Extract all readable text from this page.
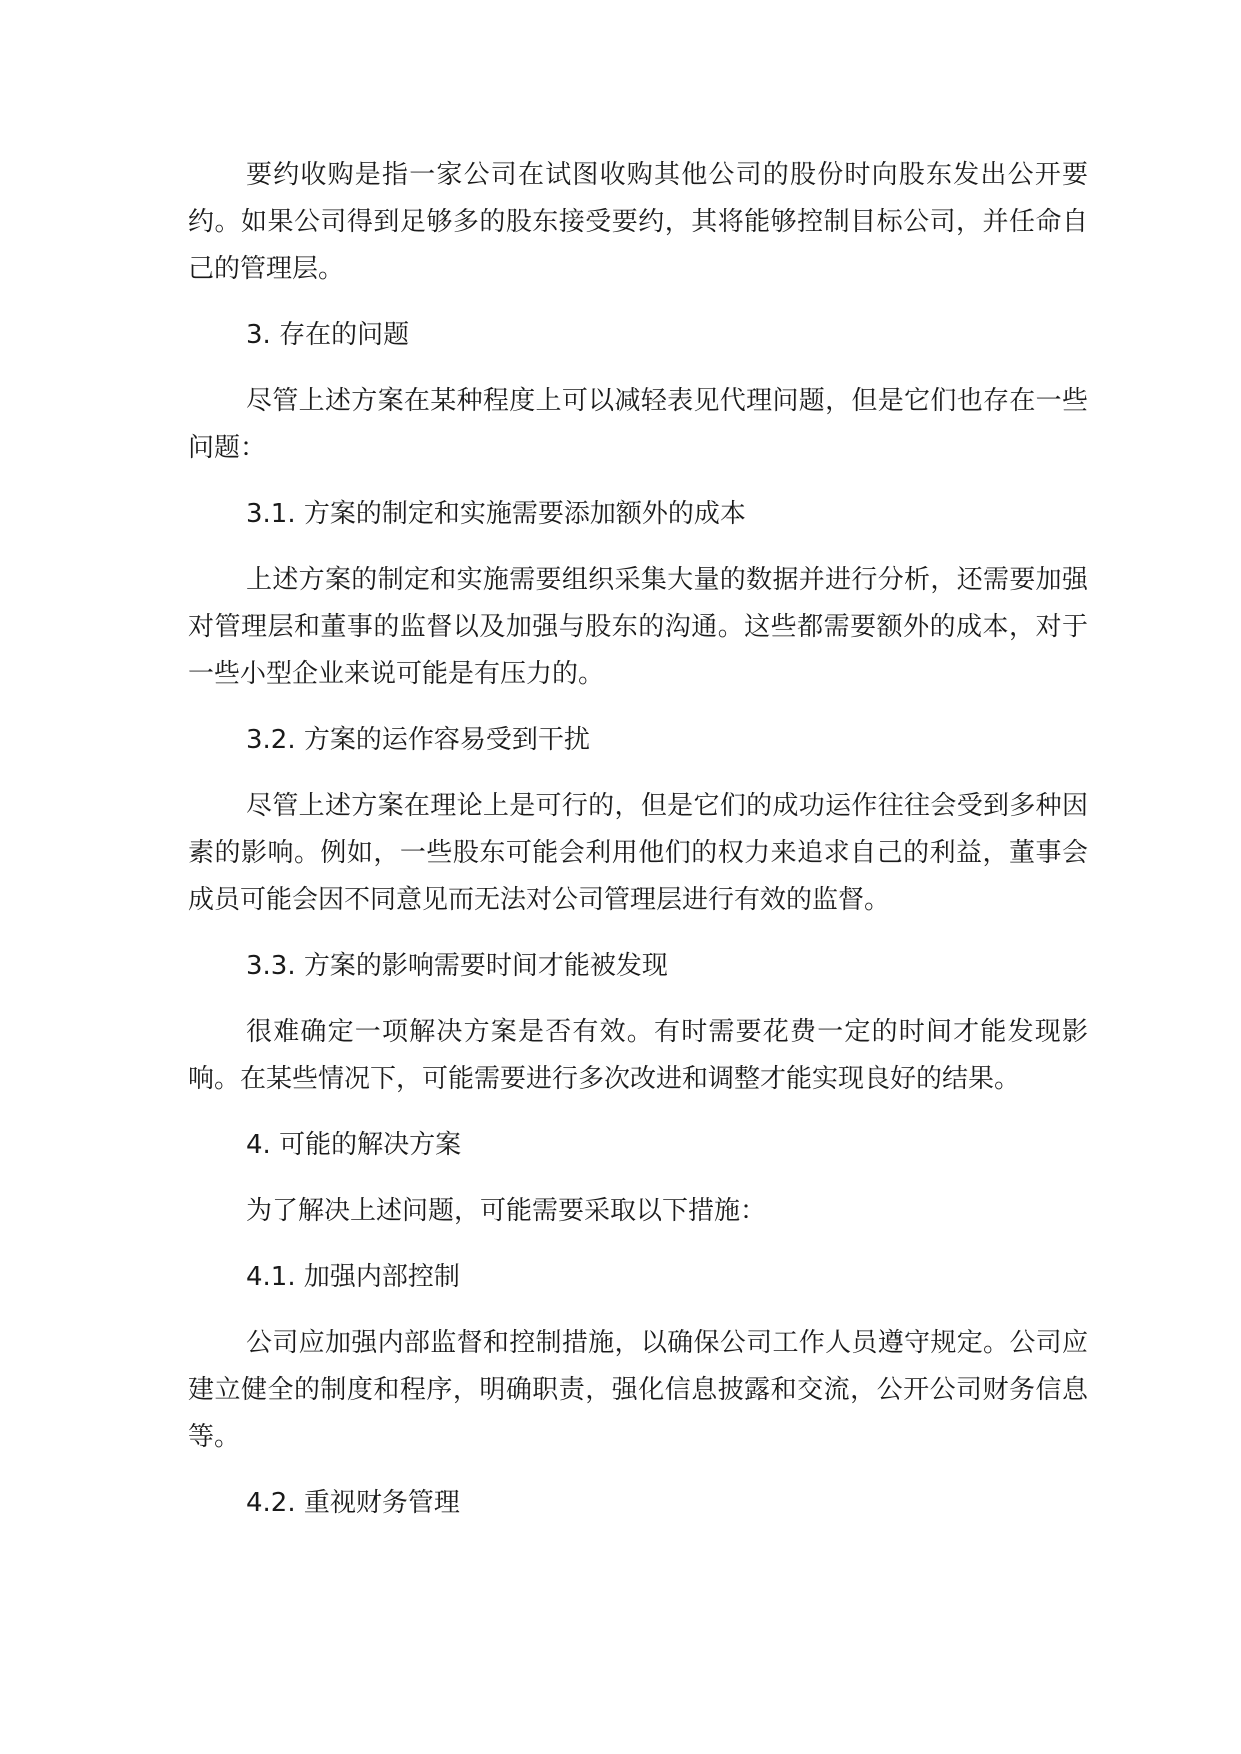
要约收购是指一家公司在试图收购其他公司的股份时向股东发出公开要约。如果公司得到足够多的股东接受要约，其将能够控制目标公司，并任命自己的管理层。

3. 存在的问题

尽管上述方案在某种程度上可以减轻表见代理问题，但是它们也存在一些问题：

3.1. 方案的制定和实施需要添加额外的成本

上述方案的制定和实施需要组织采集大量的数据并进行分析，还需要加强对管理层和董事的监督以及加强与股东的沟通。这些都需要额外的成本，对于一些小型企业来说可能是有压力的。

3.2. 方案的运作容易受到干扰

尽管上述方案在理论上是可行的，但是它们的成功运作往往会受到多种因素的影响。例如，一些股东可能会利用他们的权力来追求自己的利益，董事会成员可能会因不同意见而无法对公司管理层进行有效的监督。

3.3. 方案的影响需要时间才能被发现

很难确定一项解决方案是否有效。有时需要花费一定的时间才能发现影响。在某些情况下，可能需要进行多次改进和调整才能实现良好的结果。

4. 可能的解决方案

为了解决上述问题，可能需要采取以下措施：

4.1. 加强内部控制

公司应加强内部监督和控制措施，以确保公司工作人员遵守规定。公司应建立健全的制度和程序，明确职责，强化信息披露和交流，公开公司财务信息等。

4.2. 重视财务管理
